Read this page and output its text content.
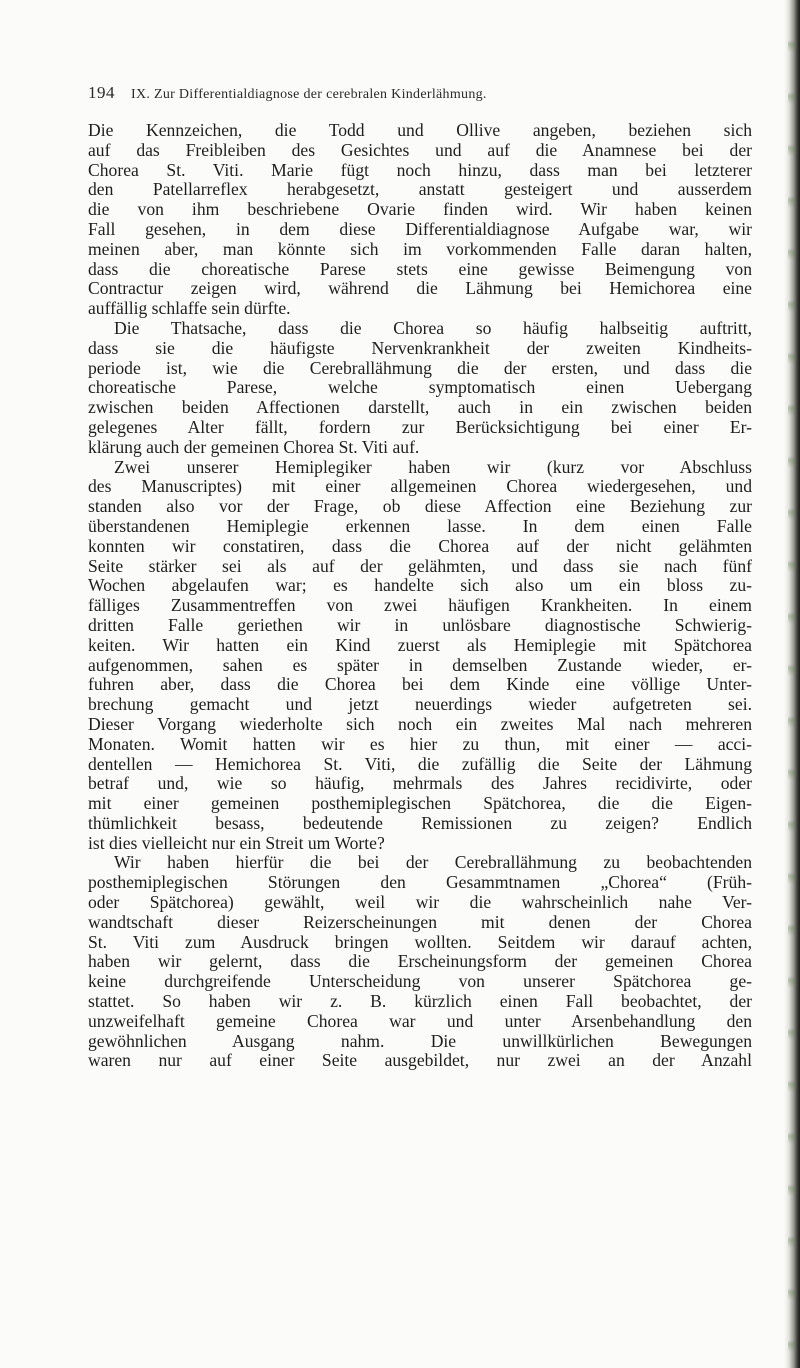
194 IX. Zur Differentialdiagnose der cerebralen Kinderlähmung.
Die Kennzeichen, die Todd und Ollive angeben, beziehen sich
auf das Freibleiben des Gesichtes und auf die Anamnese bei der
Chorea St. Viti. Marie fügt noch hinzu, dass man bei letzterer
den Patellarreflex herabgesetzt, anstatt gesteigert und ausserdem
die von ihm beschriebene Ovarie finden wird. Wir haben keinen
Fall gesehen, in dem diese Differentialdiagnose Aufgabe war, wir
meinen aber, man könnte sich im vorkommenden Falle daran halten,
dass die choreatische Parese stets eine gewisse Beimengung von
Contractur zeigen wird, während die Lähmung bei Hemichorea eine
auffällig schlaffe sein dürfte.
Die Thatsache, dass die Chorea so häufig halbseitig auftritt,
dass sie die häufigste Nervenkrankheit der zweiten Kindheits-
periode ist, wie die Cerebrallähmung die der ersten, und dass die
choreatische Parese, welche symptomatisch einen Uebergang
zwischen beiden Affectionen darstellt, auch in ein zwischen beiden
gelegenes Alter fällt, fordern zur Berücksichtigung bei einer Er-
klärung auch der gemeinen Chorea St. Viti auf.
Zwei unserer Hemiplegiker haben wir (kurz vor Abschluss
des Manuscriptes) mit einer allgemeinen Chorea wiedergesehen, und
standen also vor der Frage, ob diese Affection eine Beziehung zur
überstandenen Hemiplegie erkennen lasse. In dem einen Falle
konnten wir constatiren, dass die Chorea auf der nicht gelähmten
Seite stärker sei als auf der gelähmten, und dass sie nach fünf
Wochen abgelaufen war; es handelte sich also um ein bloss zu-
fälliges Zusammentreffen von zwei häufigen Krankheiten. In einem
dritten Falle geriethen wir in unlösbare diagnostische Schwierig-
keiten. Wir hatten ein Kind zuerst als Hemiplegie mit Spätchorea
aufgenommen, sahen es später in demselben Zustande wieder, er-
fuhren aber, dass die Chorea bei dem Kinde eine völlige Unter-
brechung gemacht und jetzt neuerdings wieder aufgetreten sei.
Dieser Vorgang wiederholte sich noch ein zweites Mal nach mehreren
Monaten. Womit hatten wir es hier zu thun, mit einer — acci-
dentellen — Hemichorea St. Viti, die zufällig die Seite der Lähmung
betraf und, wie so häufig, mehrmals des Jahres recidivirte, oder
mit einer gemeinen posthemiplegischen Spätchorea, die die Eigen-
thümlichkeit besass, bedeutende Remissionen zu zeigen? Endlich
ist dies vielleicht nur ein Streit um Worte?
Wir haben hierfür die bei der Cerebrallähmung zu beobachtenden
posthemiplegischen Störungen den Gesammtnamen „Chorea“ (Früh-
oder Spätchorea) gewählt, weil wir die wahrscheinlich nahe Ver-
wandtschaft dieser Reizerscheinungen mit denen der Chorea
St. Viti zum Ausdruck bringen wollten. Seitdem wir darauf achten,
haben wir gelernt, dass die Erscheinungsform der gemeinen Chorea
keine durchgreifende Unterscheidung von unserer Spätchorea ge-
stattet. So haben wir z. B. kürzlich einen Fall beobachtet, der
unzweifelhaft gemeine Chorea war und unter Arsenbehandlung den
gewöhnlichen Ausgang nahm. Die unwillkürlichen Bewegungen
waren nur auf einer Seite ausgebildet, nur zwei an der Anzahl
